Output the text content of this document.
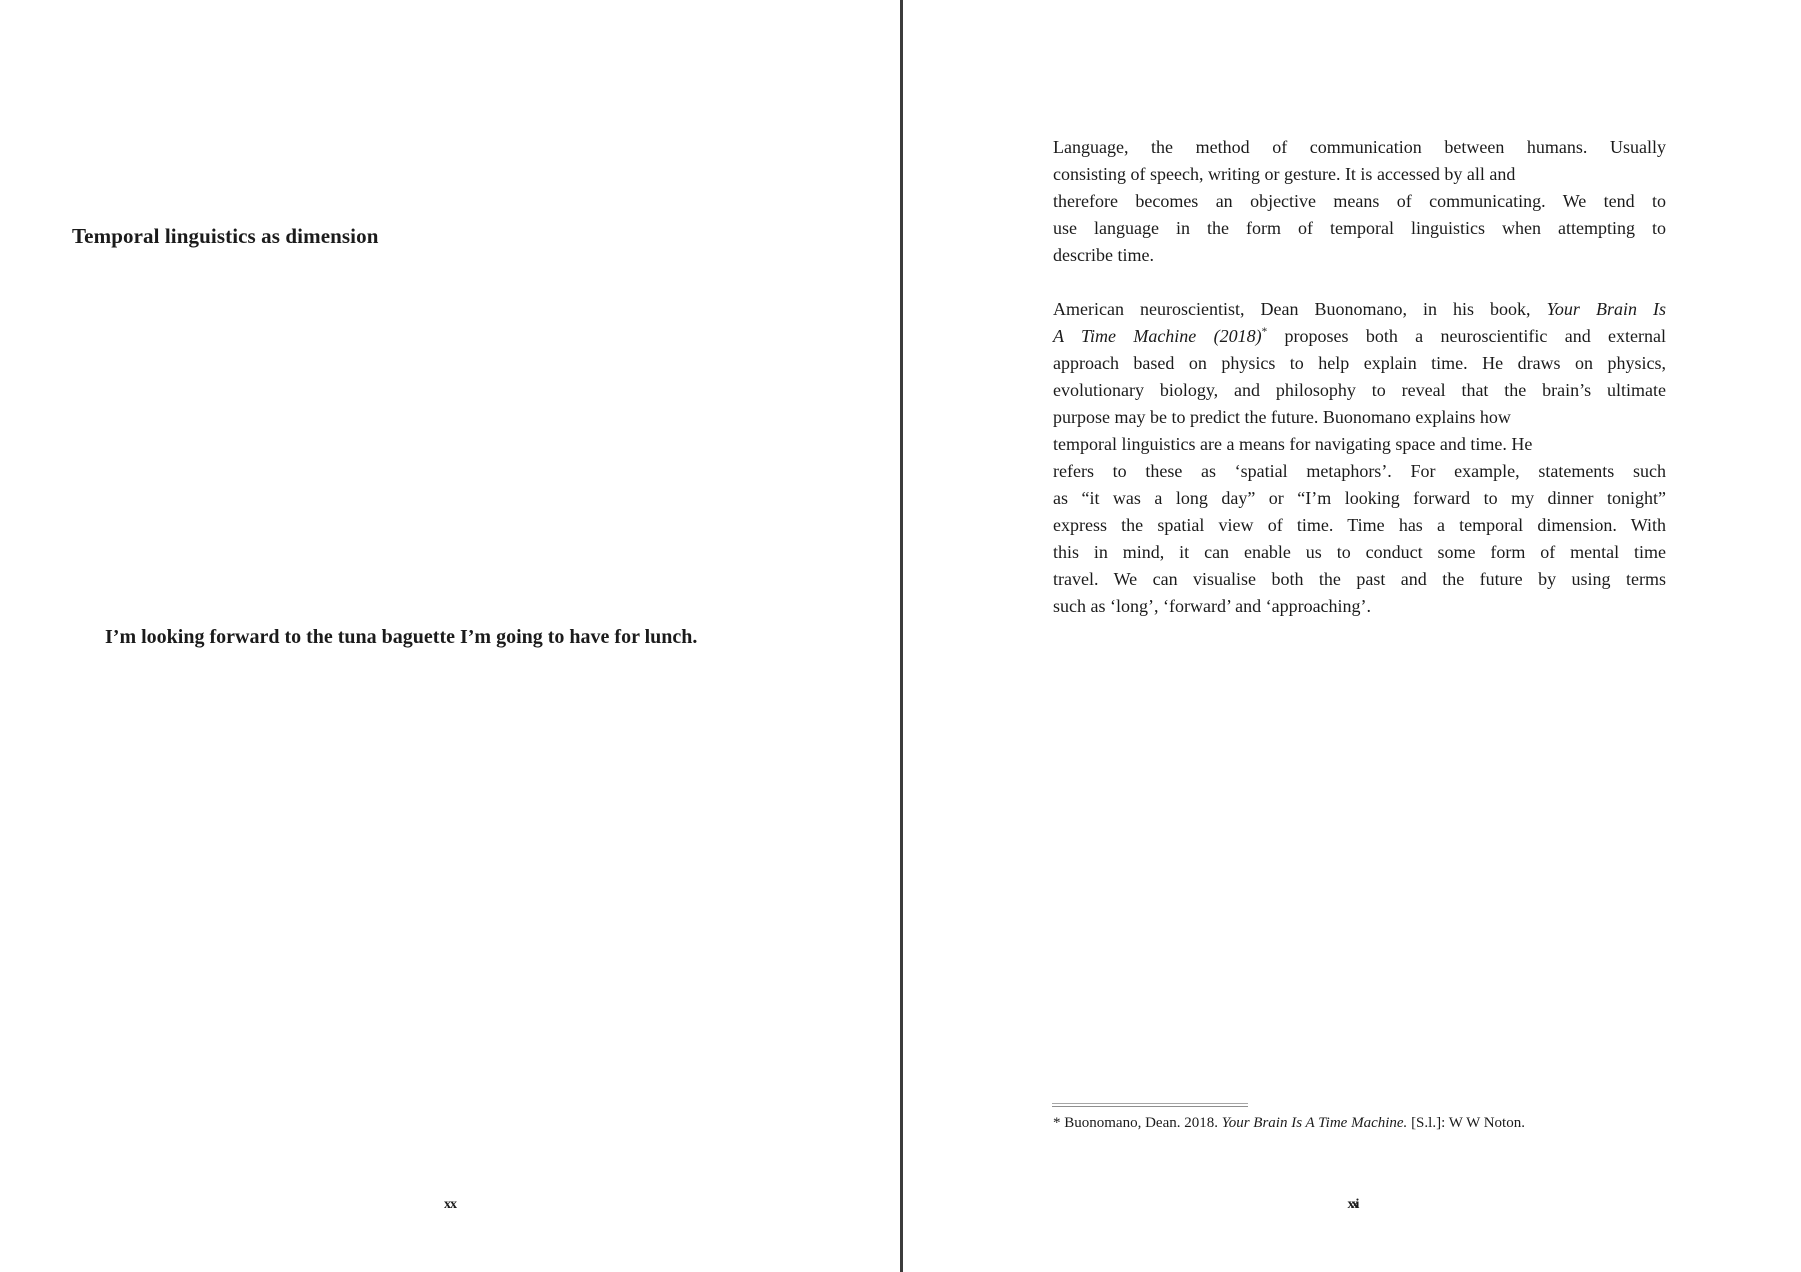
Temporal linguistics as dimension

I’m looking forward to the tuna baguette I’m going to have for lunch.

xx
Language, the method of communication between humans. Usually
consisting of speech, writing or gesture. It is accessed by all and
therefore becomes an objective means of communicating. We tend to
use language in the form of temporal linguistics when attempting to
describe time.
American neuroscientist, Dean Buonomano, in his book, Your Brain Is
A Time Machine (2018)* proposes both a neuroscientific and external
approach based on physics to help explain time. He draws on physics,
evolutionary biology, and philosophy to reveal that the brain’s ultimate
purpose may be to predict the future. Buonomano explains how
temporal linguistics are a means for navigating space and time. He
refers to these as ‘spatial metaphors’. For example, statements such
as “it was a long day” or “I’m looking forward to my dinner tonight”
express the spatial view of time. Time has a temporal dimension. With
this in mind, it can enable us to conduct some form of mental time
travel. We can visualise both the past and the future by using terms
such as ‘long’, ‘forward’ and ‘approaching’.

* Buonomano, Dean. 2018. Your Brain Is A Time Machine. [S.l.]: W W Noton.

xxi
